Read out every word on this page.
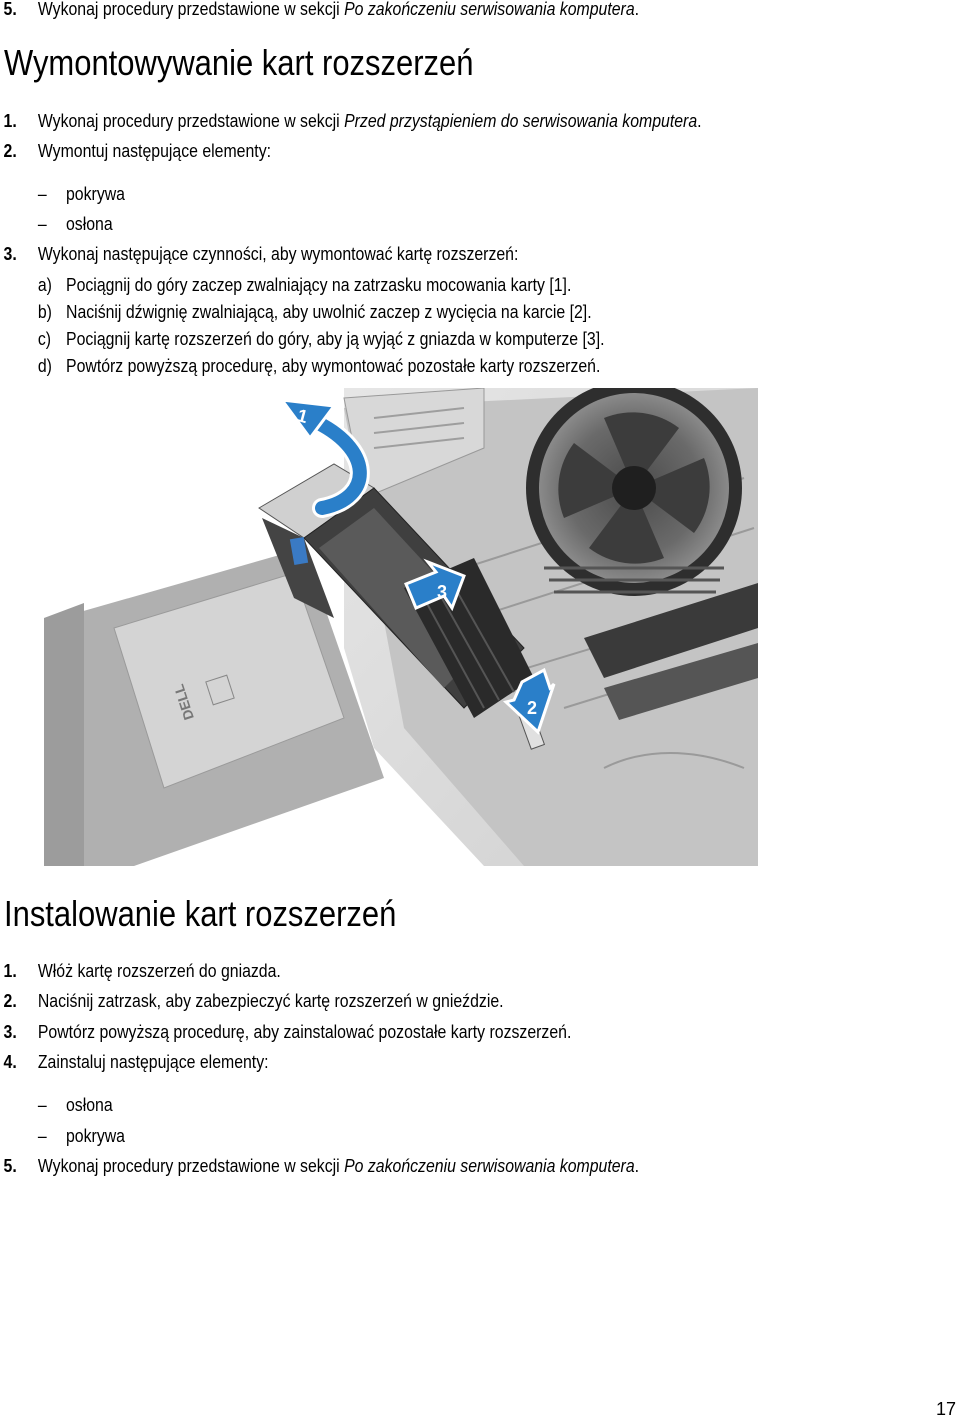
5. Wykonaj procedury przedstawione w sekcji Po zakończeniu serwisowania komputera.
Wymontowywanie kart rozszerzeń
1. Wykonaj procedury przedstawione w sekcji Przed przystąpieniem do serwisowania komputera.
2. Wymontuj następujące elementy:
– pokrywa
– osłona
3. Wykonaj następujące czynności, aby wymontować kartę rozszerzeń:
a) Pociągnij do góry zaczep zwalniający na zatrzasku mocowania karty [1].
b) Naciśnij dźwignię zwalniającą, aby uwolnić zaczep z wycięcia na karcie [2].
c) Pociągnij kartę rozszerzeń do góry, aby ją wyjąć z gniazda w komputerze [3].
d) Powtórz powyższą procedurę, aby wymontować pozostałe karty rozszerzeń.
DELL
1
3
2
Instalowanie kart rozszerzeń
1. Włóż kartę rozszerzeń do gniazda.
2. Naciśnij zatrzask, aby zabezpieczyć kartę rozszerzeń w gnieździe.
3. Powtórz powyższą procedurę, aby zainstalować pozostałe karty rozszerzeń.
4. Zainstaluj następujące elementy:
– osłona
– pokrywa
5. Wykonaj procedury przedstawione w sekcji Po zakończeniu serwisowania komputera.
17
